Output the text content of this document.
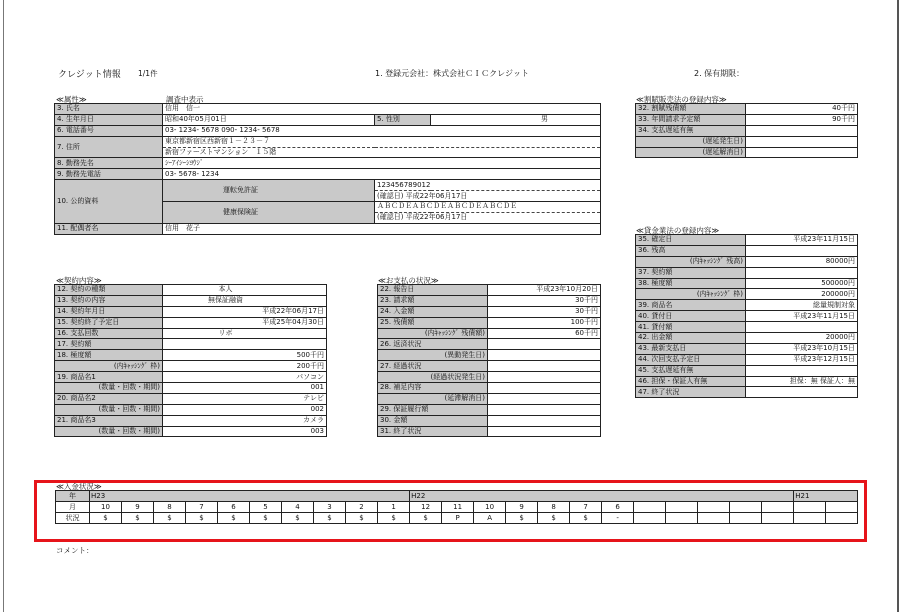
クレジット情報 1/1件	1. 登録元会社：株式会社ＣＩＣクレジット	2. 保有期限：
≪属性≫	調査中表示
3. 氏名	信用　信一		
4. 生年月日	昭和40年05月01日	5. 性別	男
6. 電話番号	03- 1234- 5678 090- 1234- 5678		
7. 住所	東京都新宿区西新宿１－２３－７		
	新宿ファーストマンション　１５階		
8. 勤務先名	ｼｰｱｲｼｰｼﾖｳｼﾞ		
9. 勤務先電話	03- 5678- 1234		
10. 公的資料	運転免許証	123456789012	
		(確認日) 平成22年06月17日	
	健康保険証	ＡＢＣＤＥＡＢＣＤＥＡＢＣＤＥＡＢＣＤＥ	
		(確認日) 平成22年06月17日	
11. 配偶者名	信用　花子		
≪割賦販売法の登録内容≫
32. 割賦残債額	40千円
33. 年間請求予定額	90千円
34. 支払遅延有無	
(遅延発生日)	
(遅延解消日)	
≪契約内容≫
12. 契約の種類	本人
13. 契約の内容	無保証融資
14. 契約年月日	平成22年06月17日
15. 契約終了予定日	平成25年04月30日
16. 支払回数	リボ
17. 契約額	
18. 極度額	500千円
(内ｷｬｯｼﾝｸﾞ 枠)	200千円
19. 商品名1	パソコン
(数量・回数・期間)	001
20. 商品名2	テレビ
(数量・回数・期間)	002
21. 商品名3	カメラ
(数量・回数・期間)	003
≪お支払の状況≫
22. 報告日	平成23年10月20日
23. 請求額	30千円
24. 入金額	30千円
25. 残債額	100千円
(内ｷｬｯｼﾝｸﾞ 残債額)	60千円
26. 返済状況	
(異動発生日)	
27. 経過状況	
(経過状況発生日)	
28. 補足内容	
(延滞解消日)	
29. 保証履行額	
30. 金額	
31. 終了状況	
≪貸金業法の登録内容≫
35. 確定日	平成23年11月15日
36. 残高	
(内ｷｬｯｼﾝｸﾞ 残高)	80000円
37. 契約額	
38. 極度額	500000円
(内ｷｬｯｼﾝｸﾞ 枠)	200000円
39. 商品名	総量規制対象
40. 貸付日	平成23年11月15日
41. 貸付額	
42. 出金額	20000円
43. 最新支払日	平成23年10月15日
44. 次回支払予定日	平成23年12月15日
45. 支払遅延有無	
46. 担保・保証人有無	担保：無 保証人：無
47. 終了状況	
≪入金状況≫
年	H23										H22												H21	
月	10	9	8	7	6	5	4	3	2	1	12	11	10	9	8	7	6							
状況	$	$	$	$	$	$	$	$	$	$	$	P	A	$	$	$	-							
コメント：
